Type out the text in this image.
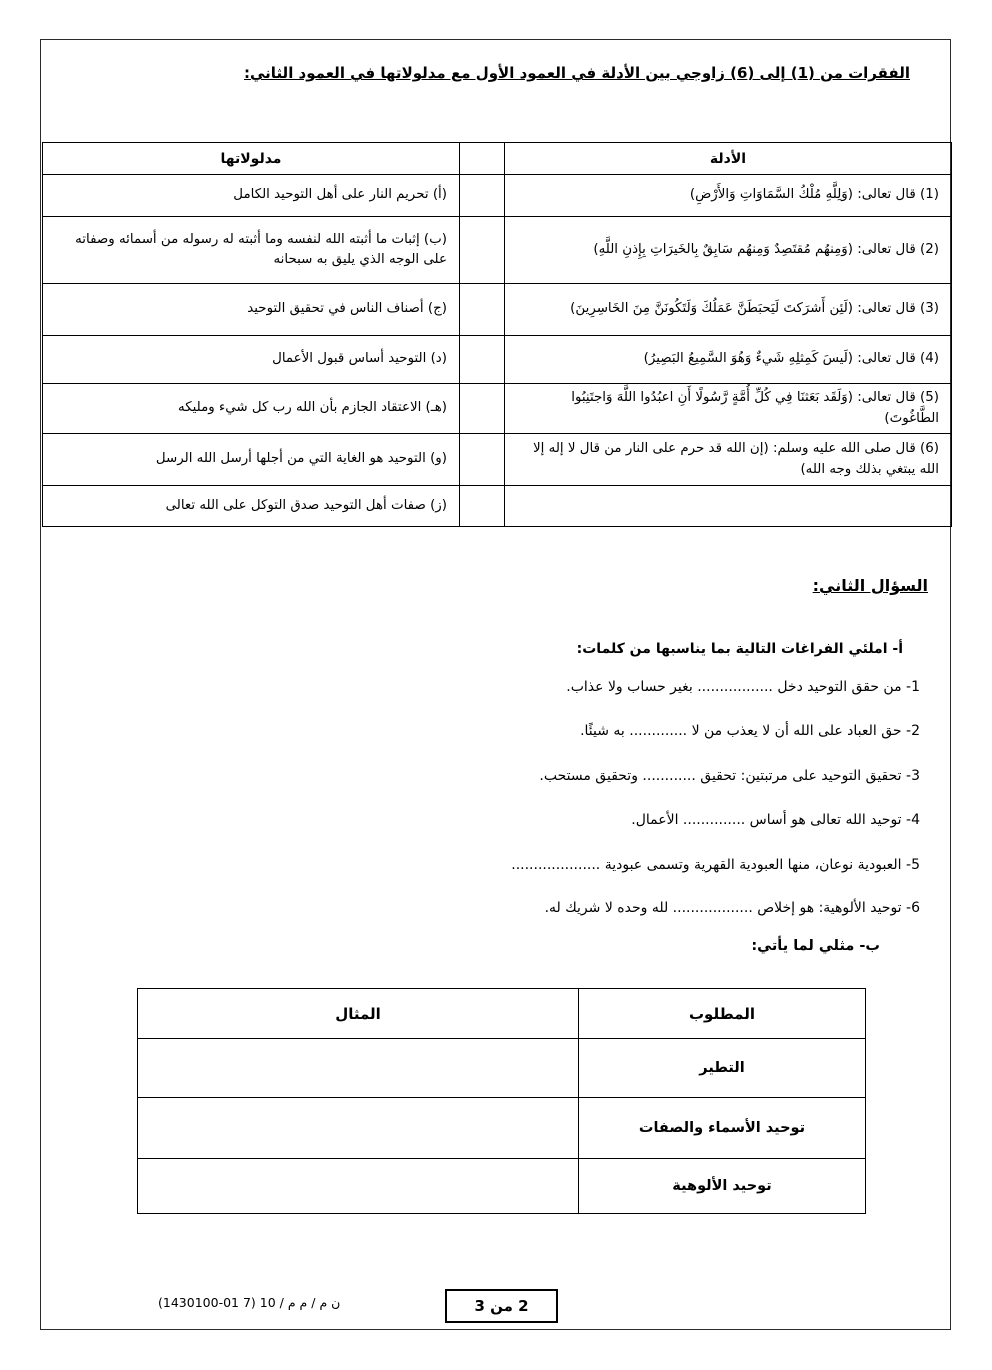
الفقرات من (1) إلى (6) زاوجي بين الأدلة في العمود الأول مع مدلولاتها في العمود الثاني:
الأدلة		مدلولاتها
(1) قال تعالى: (وَلِلَّهِ مُلْكُ السَّمَاوَاتِ وَالأَرْضِ)		(أ) تحريم النار على أهل التوحيد الكامل
(2) قال تعالى: (وَمِنهُم مُقتَصِدٌ وَمِنهُم سَابِقٌ بِالخَيرَاتِ بِإِذنِ اللَّهِ)		(ب) إثبات ما أثبته الله لنفسه وما أثبته له رسوله من أسمائه وصفاته على الوجه الذي يليق به سبحانه
(3) قال تعالى: (لَئِن أَشرَكتَ لَيَحبَطَنَّ عَمَلُكَ وَلَتَكُونَنَّ مِنَ الخَاسِرِينَ)		(ج) أصناف الناس في تحقيق التوحيد
(4) قال تعالى: (لَيسَ كَمِثلِهِ شَيءٌ وَهُوَ السَّمِيعُ البَصِيرُ)		(د) التوحيد أساس قبول الأعمال
(5) قال تعالى: (وَلَقَد بَعَثنَا فِي كُلِّ أُمَّةٍ رَّسُولًا أَنِ اعبُدُوا اللَّهَ وَاجتَنِبُوا الطَّاغُوتَ)		(هـ) الاعتقاد الجازم بأن الله رب كل شيء ومليكه
(6) قال صلى الله عليه وسلم: (إن الله قد حرم على النار من قال لا إله إلا الله يبتغي بذلك وجه الله)		(و) التوحيد هو الغاية التي من أجلها أرسل الله الرسل
		(ز) صفات أهل التوحيد صدق التوكل على الله تعالى
السؤال الثاني:
أ- املئي الفراغات التالية بما يناسبها من كلمات:
1- من حقق التوحيد دخل ................. بغير حساب ولا عذاب.
2- حق العباد على الله أن لا يعذب من لا ............. به شيئًا.
3- تحقيق التوحيد على مرتبتين: تحقيق ............ وتحقيق مستحب.
4- توحيد الله تعالى هو أساس .............. الأعمال.
5- العبودية نوعان، منها العبودية القهرية وتسمى عبودية ....................
6- توحيد الألوهية: هو إخلاص .................. لله وحده لا شريك له.
ب- مثلي لما يأتي:
المطلوب	المثال
التطير	
توحيد الأسماء والصفات	
توحيد الألوهية	
ن م / م م / 10 (7 01-1430100)	2 من 3
